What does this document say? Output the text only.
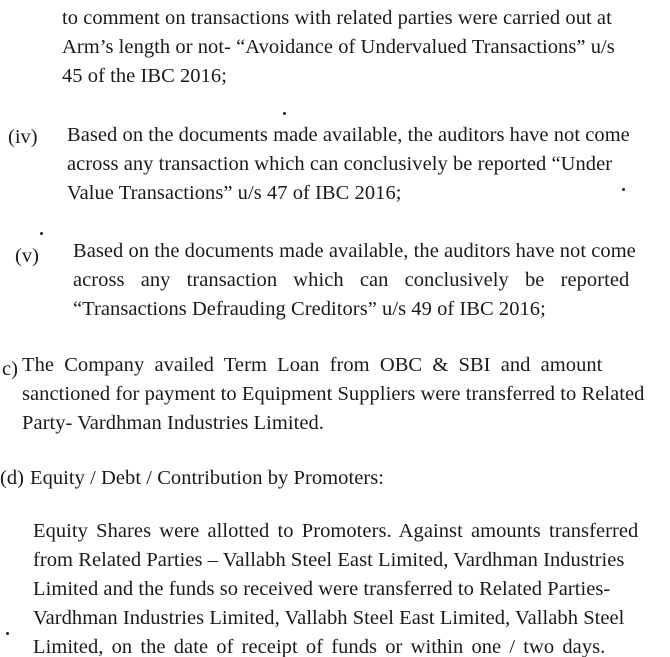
to comment on transactions with related parties were carried out at
Arm’s length or not- “Avoidance of Undervalued Transactions” u/s
45 of the IBC 2016;
(iv) Based on the documents made available, the auditors have not come
across any transaction which can conclusively be reported “Under
Value Transactions” u/s 47 of IBC 2016;
(v) Based on the documents made available, the auditors have not come
across any transaction which can conclusively be reported
“Transactions Defrauding Creditors” u/s 49 of IBC 2016;
c) The Company availed Term Loan from OBC & SBI and amount
sanctioned for payment to Equipment Suppliers were transferred to Related
Party- Vardhman Industries Limited.
(d) Equity / Debt / Contribution by Promoters:
Equity Shares were allotted to Promoters. Against amounts transferred
from Related Parties – Vallabh Steel East Limited, Vardhman Industries
Limited and the funds so received were transferred to Related Parties-
Vardhman Industries Limited, Vallabh Steel East Limited, Vallabh Steel
Limited, on the date of receipt of funds or within one / two days.
